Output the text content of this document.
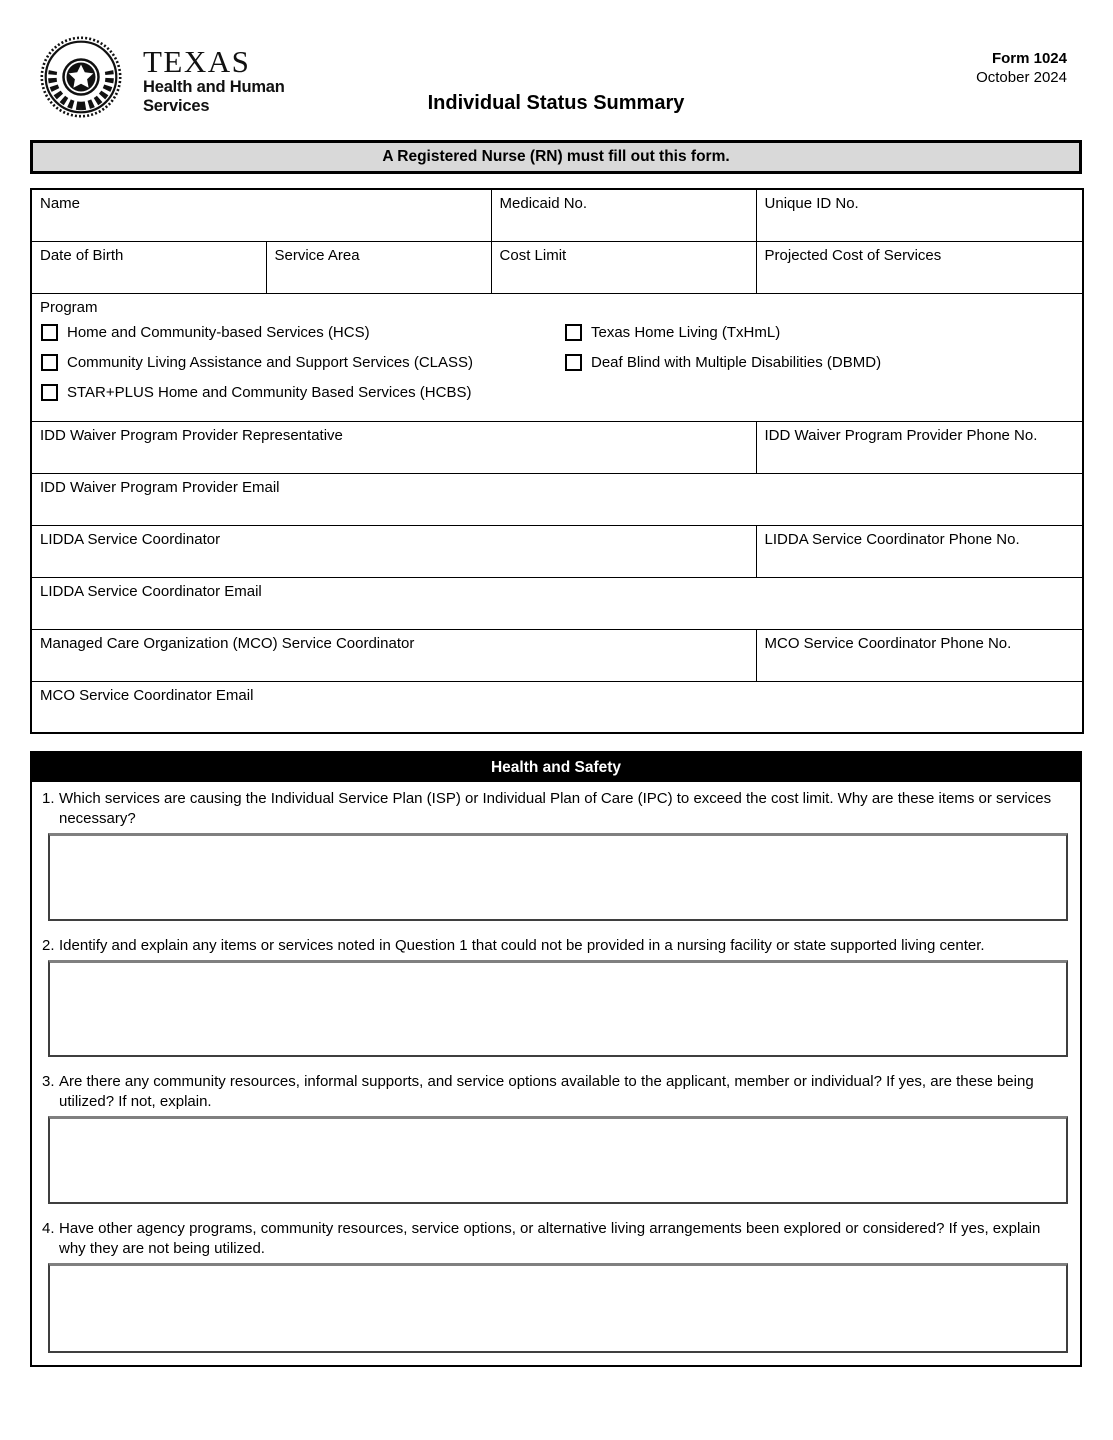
TEXAS
Health and Human
Services
Form 1024
October 2024
Individual Status Summary
A Registered Nurse (RN) must fill out this form.
Name		Medicaid No.	Unique ID No.

Date of Birth	Service Area	Cost Limit	Projected Cost of Services

Program
Home and Community-based Services (HCS)	Texas Home Living (TxHmL)
Community Living Assistance and Support Services (CLASS)	Deaf Blind with Multiple Disabilities (DBMD)
STAR+PLUS Home and Community Based Services (HCBS)

IDD Waiver Program Provider Representative			IDD Waiver Program Provider Phone No.

IDD Waiver Program Provider Email			

LIDDA Service Coordinator			LIDDA Service Coordinator Phone No.

LIDDA Service Coordinator Email			

Managed Care Organization (MCO) Service Coordinator			MCO Service Coordinator Phone No.

MCO Service Coordinator Email			
Health and Safety
1. Which services are causing the Individual Service Plan (ISP) or Individual Plan of Care (IPC) to exceed the cost limit. Why are these items or services necessary?
2. Identify and explain any items or services noted in Question 1 that could not be provided in a nursing facility or state supported living center.
3. Are there any community resources, informal supports, and service options available to the applicant, member or individual? If yes, are these being utilized? If not, explain.
4. Have other agency programs, community resources, service options, or alternative living arrangements been explored or considered? If yes, explain why they are not being utilized.
